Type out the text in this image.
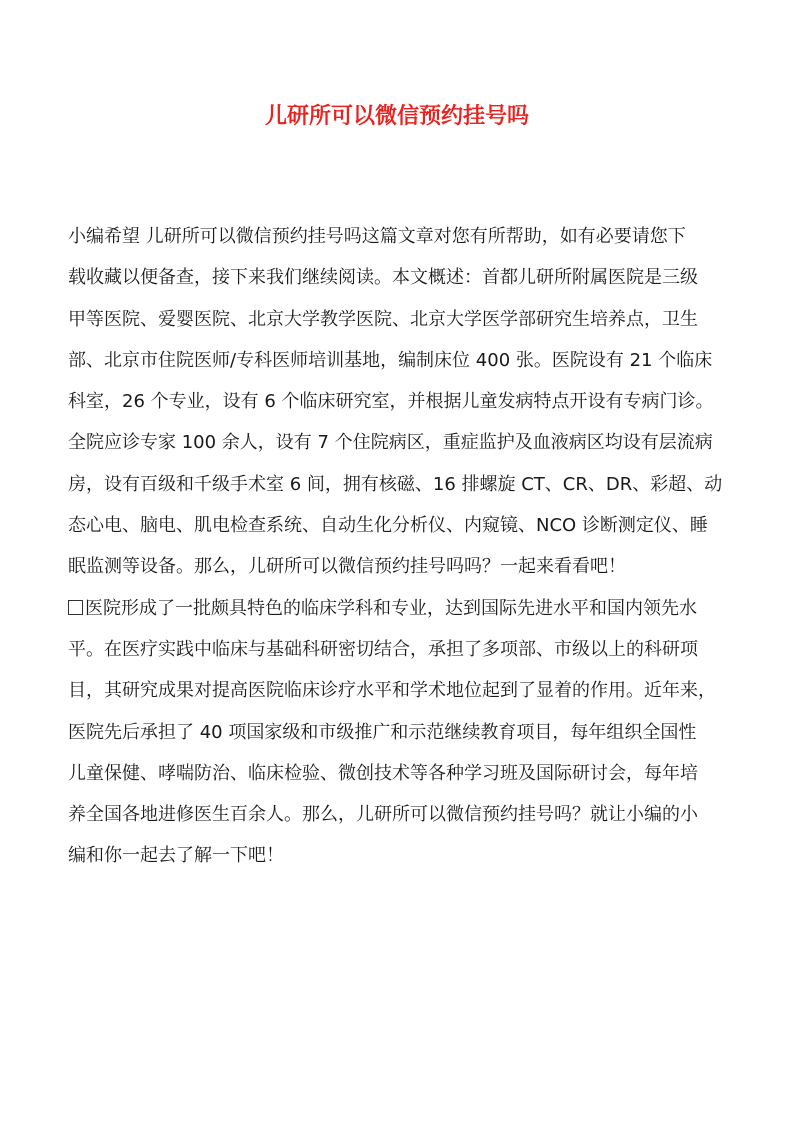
儿研所可以微信预约挂号吗
小编希望 儿研所可以微信预约挂号吗这篇文章对您有所帮助，如有必要请您下
载收藏以便备查，接下来我们继续阅读。本文概述：首都儿研所附属医院是三级
甲等医院、爱婴医院、北京大学教学医院、北京大学医学部研究生培养点，卫生
部、北京市住院医师/专科医师培训基地，编制床位 400 张。医院设有 21 个临床
科室，26 个专业，设有 6 个临床研究室，并根据儿童发病特点开设有专病门诊。
全院应诊专家 100 余人，设有 7 个住院病区，重症监护及血液病区均设有层流病
房，设有百级和千级手术室 6 间，拥有核磁、16 排螺旋 CT、CR、DR、彩超、动
态心电、脑电、肌电检查系统、自动生化分析仪、内窥镜、NCO 诊断测定仪、睡
眠监测等设备。那么，儿研所可以微信预约挂号吗吗？一起来看看吧！
医院形成了一批颇具特色的临床学科和专业，达到国际先进水平和国内领先水
平。在医疗实践中临床与基础科研密切结合，承担了多项部、市级以上的科研项
目，其研究成果对提高医院临床诊疗水平和学术地位起到了显着的作用。近年来，
医院先后承担了 40 项国家级和市级推广和示范继续教育项目，每年组织全国性
儿童保健、哮喘防治、临床检验、微创技术等各种学习班及国际研讨会，每年培
养全国各地进修医生百余人。那么，儿研所可以微信预约挂号吗？就让小编的小
编和你一起去了解一下吧！
